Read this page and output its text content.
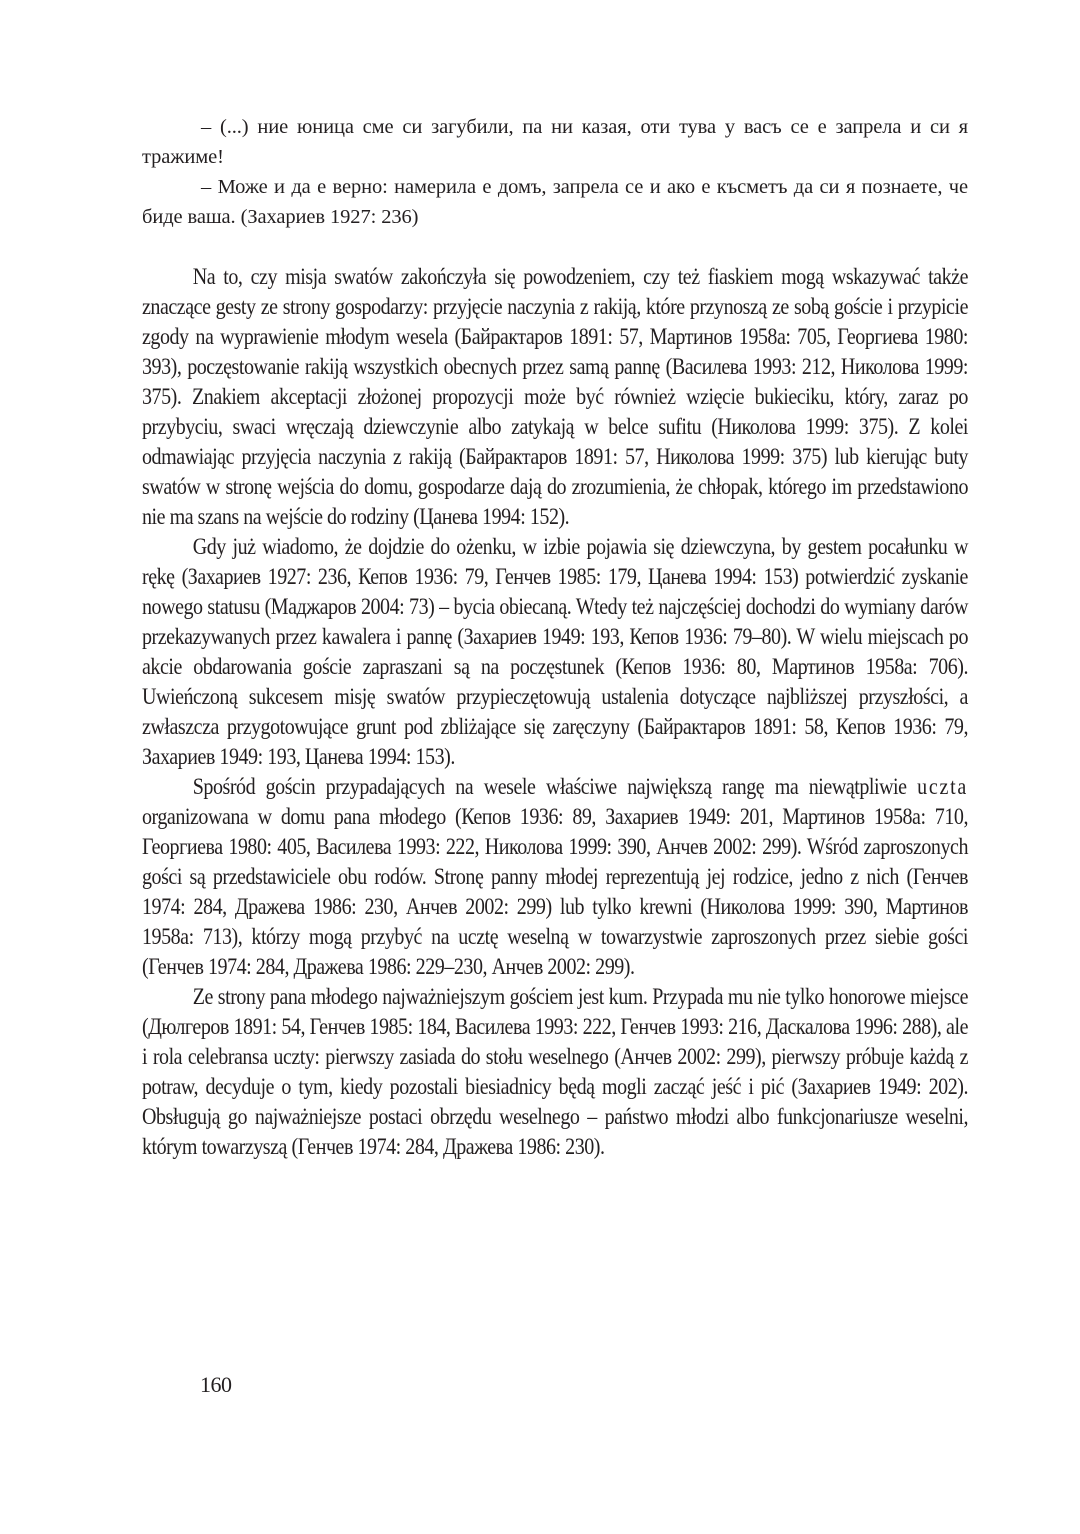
– (...) ние юница сме си загубили, па ни казая, оти тува у васъ се е запрела и си я тражиме!

– Може и да е верно: намерила е домъ, запрела се и ако е късметъ да си я познаете, че биде ваша. (Захариев 1927: 236)

Na to, czy misja swatów zakończyła się powodzeniem, czy też fiaskiem mogą wskazywać także znaczące gesty ze strony gospodarzy: przyjęcie naczynia z rakiją, które przynoszą ze sobą goście i przypicie zgody na wyprawienie młodym wesela (Байрактаров 1891: 57, Мартинов 1958а: 705, Георгиева 1980: 393), poczęstowanie rakiją wszystkich obecnych przez samą pannę (Василева 1993: 212, Николова 1999: 375). Znakiem akceptacji złożonej propozycji może być również wzięcie bukieciku, który, zaraz po przybyciu, swaci wręczają dziewczynie albo zatykają w belce sufitu (Николова 1999: 375). Z kolei odmawiając przyjęcia naczynia z rakiją (Байрактаров 1891: 57, Николова 1999: 375) lub kierując buty swatów w stronę wejścia do domu, gospodarze dają do zrozumienia, że chłopak, którego im przedstawiono nie ma szans na wejście do rodziny (Цанева 1994: 152).

Gdy już wiadomo, że dojdzie do ożenku, w izbie pojawia się dziewczyna, by gestem pocałunku w rękę (Захариев 1927: 236, Кепов 1936: 79, Генчев 1985: 179, Цанева 1994: 153) potwierdzić zyskanie nowego statusu (Маджаров 2004: 73) – bycia obiecaną. Wtedy też najczęściej dochodzi do wymiany darów przekazywanych przez kawalera i pannę (Захариев 1949: 193, Кепов 1936: 79–80). W wielu miejscach po akcie obdarowania goście zapraszani są na poczęstunek (Кепов 1936: 80, Мартинов 1958а: 706). Uwieńczoną sukcesem misję swatów przypieczętowują ustalenia dotyczące najbliższej przyszłości, a zwłaszcza przygotowujące grunt pod zbliżające się zaręczyny (Байрактаров 1891: 58, Кепов 1936: 79, Захариев 1949: 193, Цанева 1994: 153).

Spośród gościn przypadających na wesele właściwe największą rangę ma niewątpliwie uczta organizowana w domu pana młodego (Кепов 1936: 89, Захариев 1949: 201, Мартинов 1958а: 710, Георгиева 1980: 405, Василева 1993: 222, Николова 1999: 390, Анчев 2002: 299). Wśród zaproszonych gości są przedstawiciele obu rodów. Stronę panny młodej reprezentują jej rodzice, jedno z nich (Генчев 1974: 284, Дражева 1986: 230, Анчев 2002: 299) lub tylko krewni (Николова 1999: 390, Мартинов 1958а: 713), którzy mogą przybyć na ucztę weselną w towarzystwie zaproszonych przez siebie gości (Генчев 1974: 284, Дражева 1986: 229–230, Анчев 2002: 299).

Ze strony pana młodego najważniejszym gościem jest kum. Przypada mu nie tylko honorowe miejsce (Дюлгеров 1891: 54, Генчев 1985: 184, Василева 1993: 222, Генчев 1993: 216, Даскалова 1996: 288), ale i rola celebransa uczty: pierwszy zasiada do stołu weselnego (Анчев 2002: 299), pierwszy próbuje każdą z potraw, decyduje o tym, kiedy pozostali biesiadnicy będą mogli zacząć jeść i pić (Захариев 1949: 202). Obsługują go najważniejsze postaci obrzędu weselnego – państwo młodzi albo funkcjonariusze weselni, którym towarzyszą (Генчев 1974: 284, Дражева 1986: 230).

160
